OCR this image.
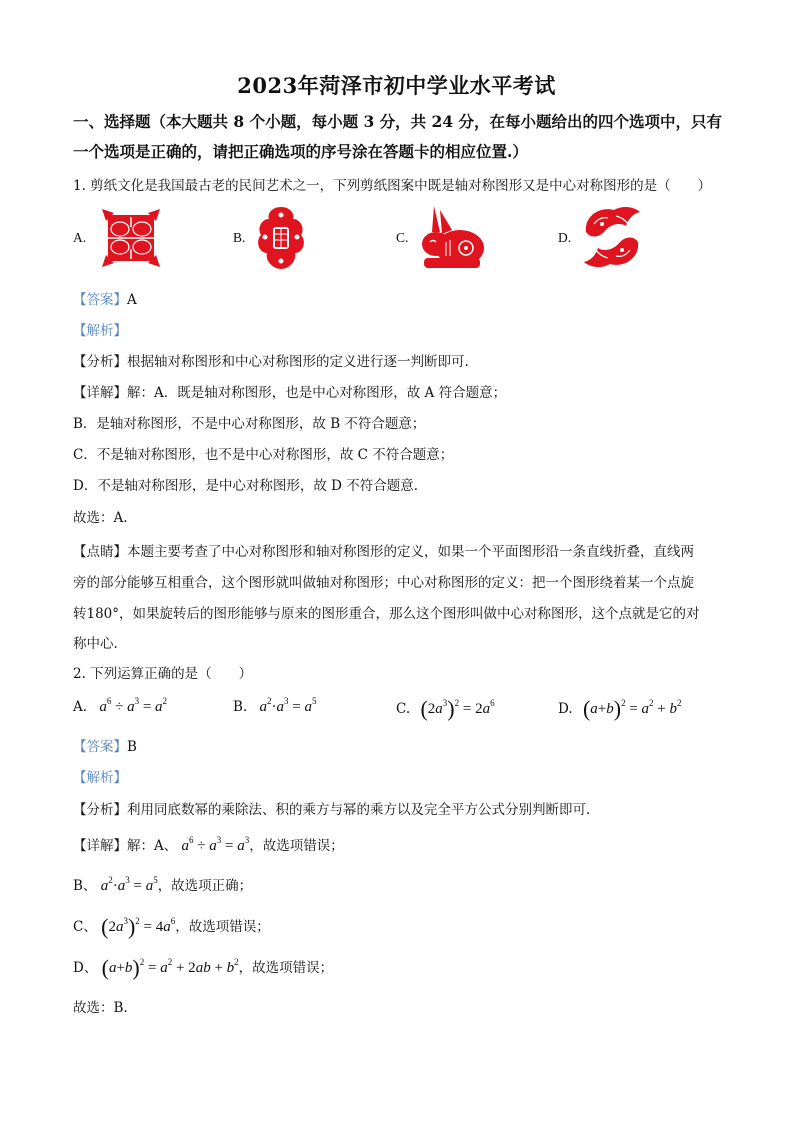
2023年菏泽市初中学业水平考试
一、选择题（本大题共 8 个小题，每小题 3 分，共 24 分，在每小题给出的四个选项中，只有
一个选项是正确的，请把正确选项的序号涂在答题卡的相应位置.）
1. 剪纸文化是我国最古老的民间艺术之一，下列剪纸图案中既是轴对称图形又是中心对称图形的是（　　）
A.	B.	C.	D.
【答案】A
【解析】
【分析】根据轴对称图形和中心对称图形的定义进行逐一判断即可.
【详解】解：A．既是轴对称图形，也是中心对称图形，故 A 符合题意；
B．是轴对称图形，不是中心对称图形，故 B 不符合题意；
C．不是轴对称图形，也不是中心对称图形，故 C 不符合题意；
D．不是轴对称图形，是中心对称图形，故 D 不符合题意.
故选：A.
【点睛】本题主要考查了中心对称图形和轴对称图形的定义，如果一个平面图形沿一条直线折叠，直线两
旁的部分能够互相重合，这个图形就叫做轴对称图形；中心对称图形的定义：把一个图形绕着某一个点旋
转180°，如果旋转后的图形能够与原来的图形重合，那么这个图形叫做中心对称图形，这个点就是它的对
称中心.
2. 下列运算正确的是（　　）
A. $a^6 \div a^3 = a^2$	B. $a^2\cdot a^3 = a^5$	C. $(2a^3)^2 = 2a^6$	D. $(a+b)^2 = a^2 + b^2$
【答案】B
【解析】
【分析】利用同底数幂的乘除法、积的乘方与幂的乘方以及完全平方公式分别判断即可.
【详解】解：A、 $a^6 \div a^3 = a^3$，故选项错误；
B、 $a^2\cdot a^3 = a^5$，故选项正确；
C、 $(2a^3)^2 = 4a^6$，故选项错误；
D、 $(a+b)^2 = a^2 + 2ab + b^2$，故选项错误；
故选：B.
